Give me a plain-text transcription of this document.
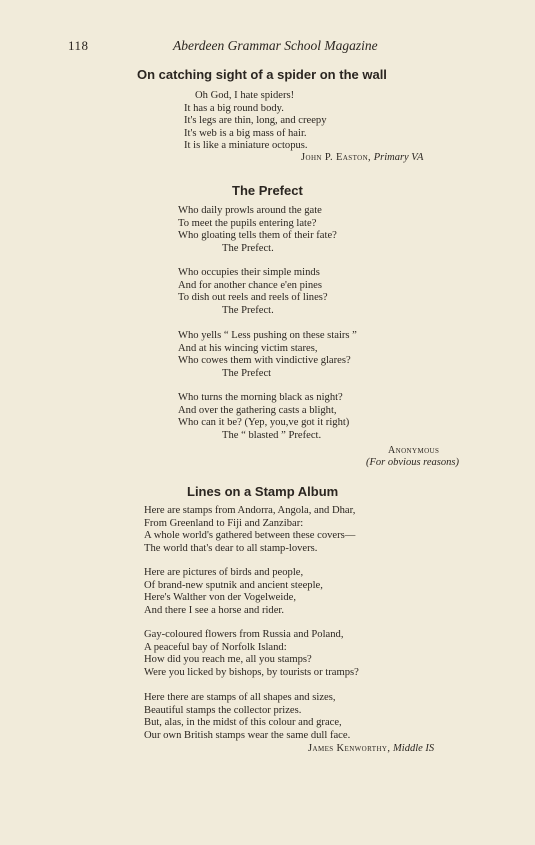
118	Aberdeen Grammar School Magazine
On catching sight of a spider on the wall
Oh God, I hate spiders!
It has a big round body.
It's legs are thin, long, and creepy
It's web is a big mass of hair.
It is like a miniature octopus.
John P. Easton, Primary VA
The Prefect
Who daily prowls around the gate
To meet the pupils entering late?
Who gloating tells them of their fate?
The Prefect.
Who occupies their simple minds
And for another chance e'en pines
To dish out reels and reels of lines?
The Prefect.
Who yells “ Less pushing on these stairs ”
And at his wincing victim stares,
Who cowes them with vindictive glares?
The Prefect
Who turns the morning black as night?
And over the gathering casts a blight,
Who can it be? (Yep, you,ve got it right)
The “ blasted ” Prefect.
Anonymous
(For obvious reasons)
Lines on a Stamp Album
Here are stamps from Andorra, Angola, and Dhar,
From Greenland to Fiji and Zanzibar:
A whole world's gathered between these covers—
The world that's dear to all stamp-lovers.
Here are pictures of birds and people,
Of brand-new sputnik and ancient steeple,
Here's Walther von der Vogelweide,
And there I see a horse and rider.
Gay-coloured flowers from Russia and Poland,
A peaceful bay of Norfolk Island:
How did you reach me, all you stamps?
Were you licked by bishops, by tourists or tramps?
Here there are stamps of all shapes and sizes,
Beautiful stamps the collector prizes.
But, alas, in the midst of this colour and grace,
Our own British stamps wear the same dull face.
James Kenworthy, Middle IS
